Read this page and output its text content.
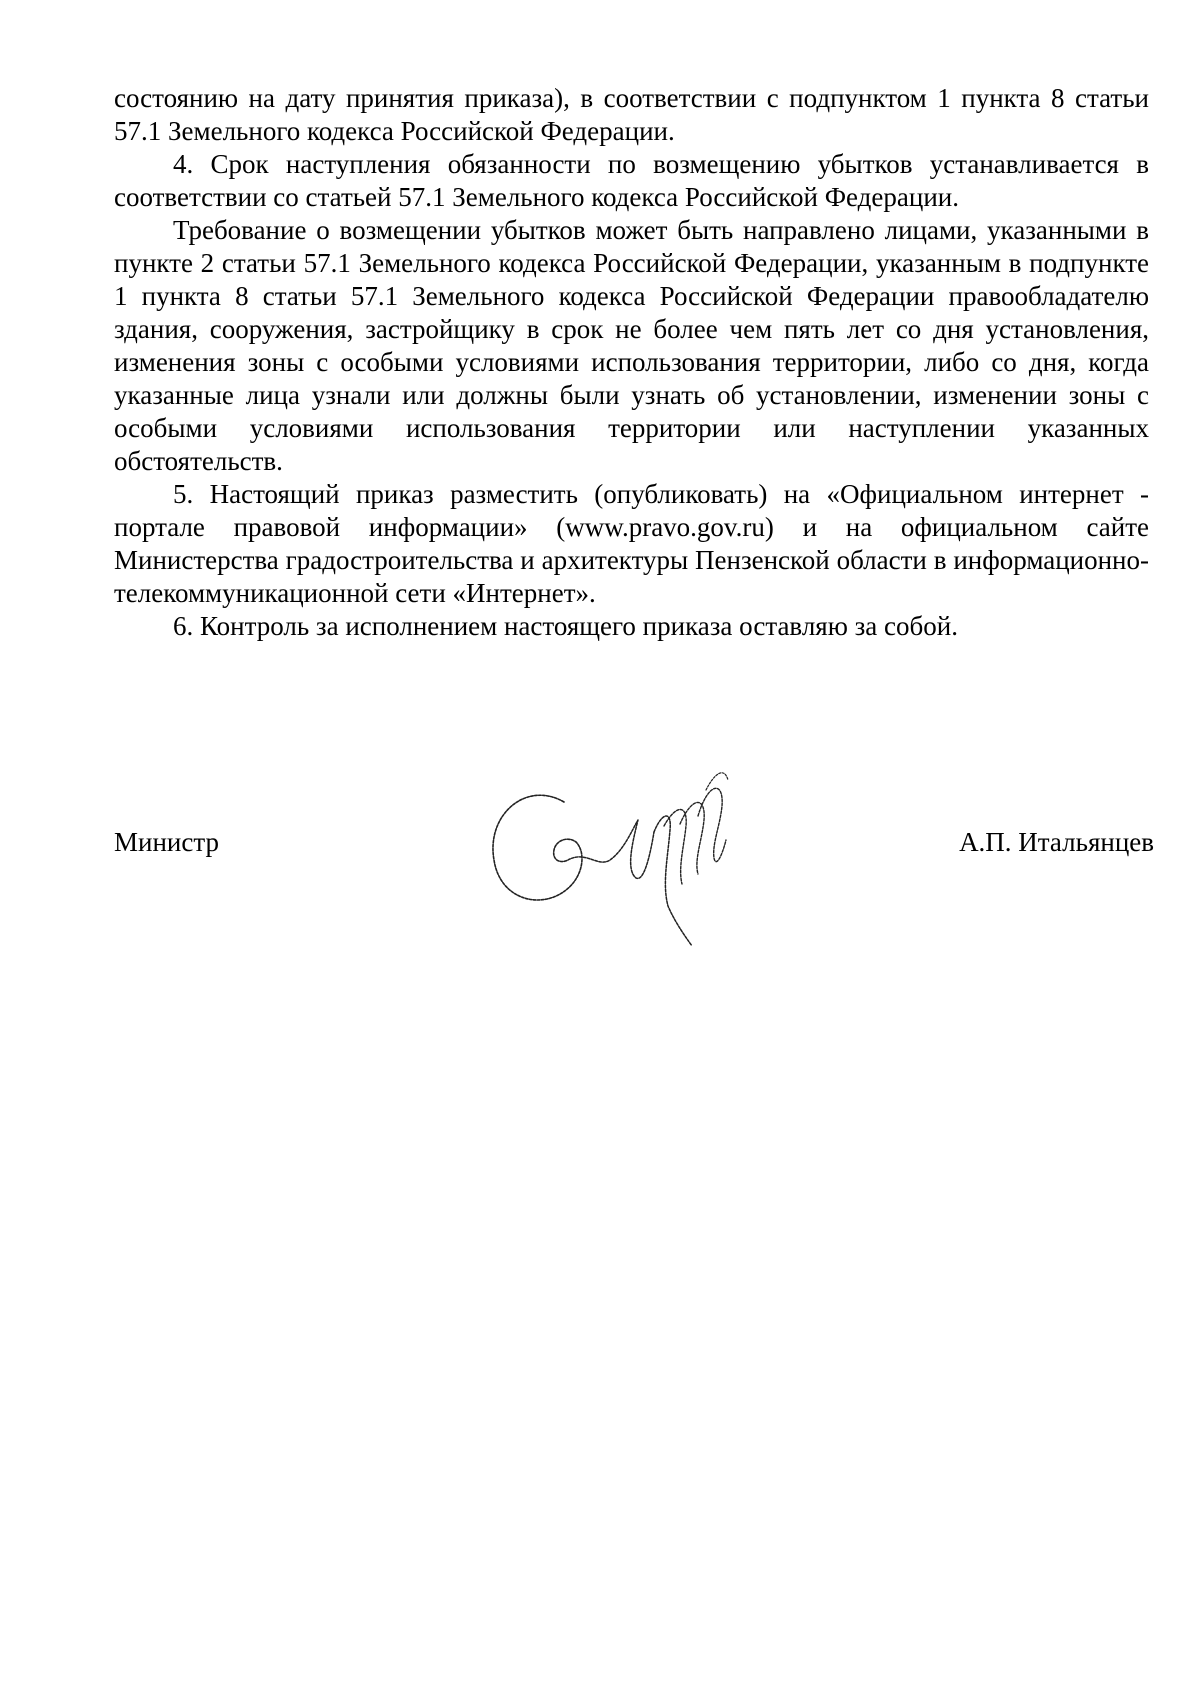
состоянию на дату принятия приказа), в соответствии с подпунктом 1 пункта 8 статьи 57.1 Земельного кодекса Российской Федерации.

4. Срок наступления обязанности по возмещению убытков устанавливается в соответствии со статьей 57.1 Земельного кодекса Российской Федерации.

Требование о возмещении убытков может быть направлено лицами, указанными в пункте 2 статьи 57.1 Земельного кодекса Российской Федерации, указанным в подпункте 1 пункта 8 статьи 57.1 Земельного кодекса Российской Федерации правообладателю здания, сооружения, застройщику в срок не более чем пять лет со дня установления, изменения зоны с особыми условиями использования территории, либо со дня, когда указанные лица узнали или должны были узнать об установлении, изменении зоны с особыми условиями использования территории или наступлении указанных обстоятельств.

5. Настоящий приказ разместить (опубликовать) на «Официальном интернет - портале правовой информации» (www.pravo.gov.ru) и на официальном сайте Министерства градостроительства и архитектуры Пензенской области в информационно-телекоммуникационной сети «Интернет».

6. Контроль за исполнением настоящего приказа оставляю за собой.

Министр	А.П. Итальянцев
